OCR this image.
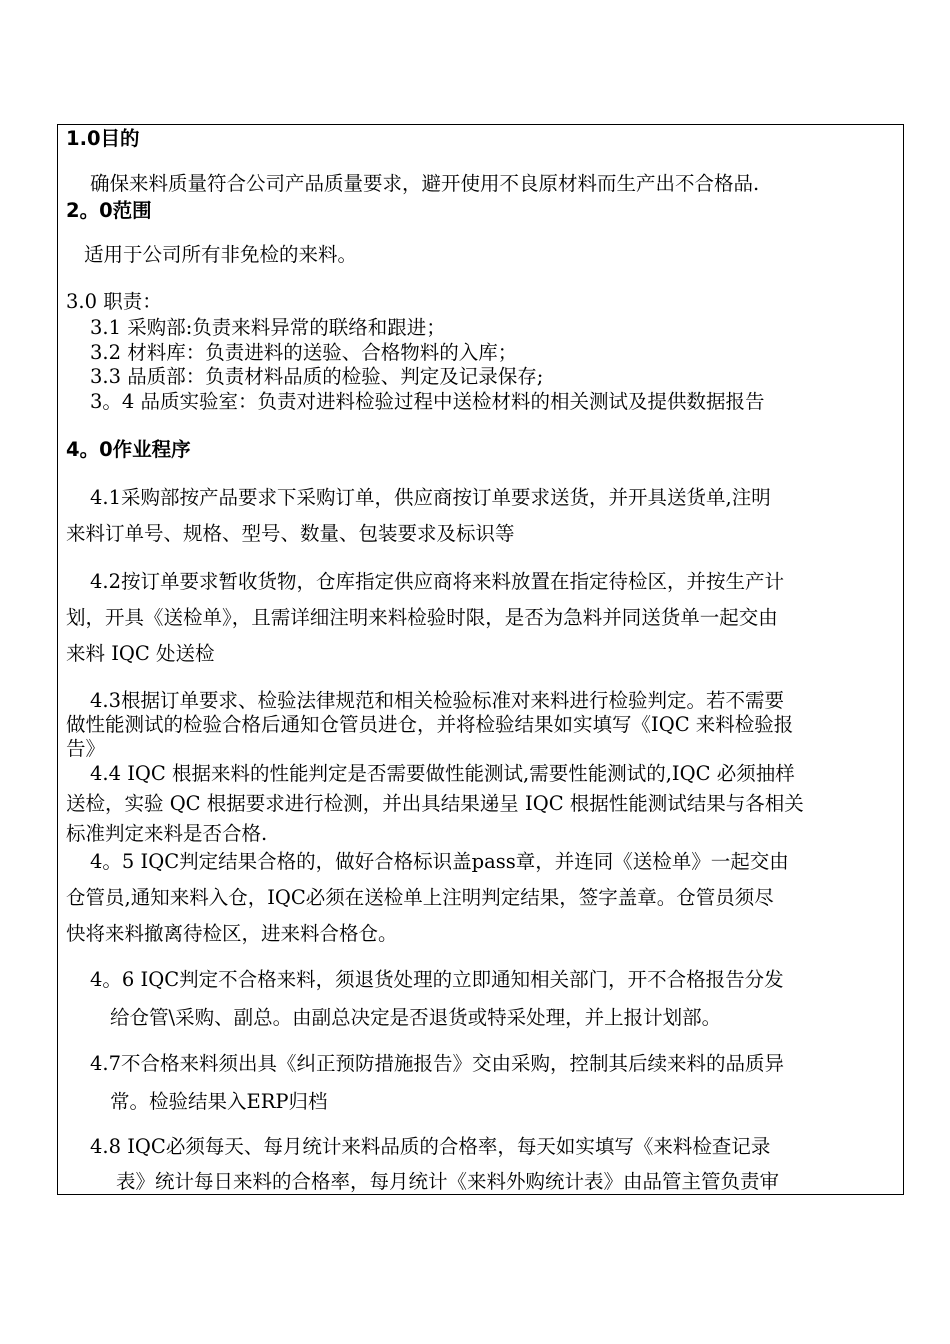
1.0目的
确保来料质量符合公司产品质量要求，避开使用不良原材料而生产出不合格品.
2。0范围
适用于公司所有非免检的来料。
3.0 职责：
3.1 采购部:负责来料异常的联络和跟进；
3.2 材料库：负责进料的送验、合格物料的入库；
3.3 品质部：负责材料品质的检验、判定及记录保存;
3。4 品质实验室：负责对进料检验过程中送检材料的相关测试及提供数据报告
4。0作业程序
4.1采购部按产品要求下采购订单，供应商按订单要求送货，并开具送货单,注明
来料订单号、规格、型号、数量、包装要求及标识等
4.2按订单要求暂收货物，仓库指定供应商将来料放置在指定待检区，并按生产计
划，开具《送检单》，且需详细注明来料检验时限，是否为急料并同送货单一起交由
来料 IQC 处送检
4.3根据订单要求、检验法律规范和相关检验标准对来料进行检验判定。若不需要
做性能测试的检验合格后通知仓管员进仓，并将检验结果如实填写《IQC 来料检验报
告》
4.4 IQC 根据来料的性能判定是否需要做性能测试,需要性能测试的,IQC 必须抽样
送检，实验 QC 根据要求进行检测，并出具结果递呈 IQC 根据性能测试结果与各相关
标准判定来料是否合格.
4。5 IQC判定结果合格的，做好合格标识盖pass章，并连同《送检单》一起交由
仓管员,通知来料入仓，IQC必须在送检单上注明判定结果，签字盖章。仓管员须尽
快将来料撤离待检区，进来料合格仓。
4。6 IQC判定不合格来料，须退货处理的立即通知相关部门，开不合格报告分发
给仓管\采购、副总。由副总决定是否退货或特采处理，并上报计划部。
4.7不合格来料须出具《纠正预防措施报告》交由采购，控制其后续来料的品质异
常。检验结果入ERP归档
4.8 IQC必须每天、每月统计来料品质的合格率，每天如实填写《来料检查记录
表》统计每日来料的合格率，每月统计《来料外购统计表》由品管主管负责审
